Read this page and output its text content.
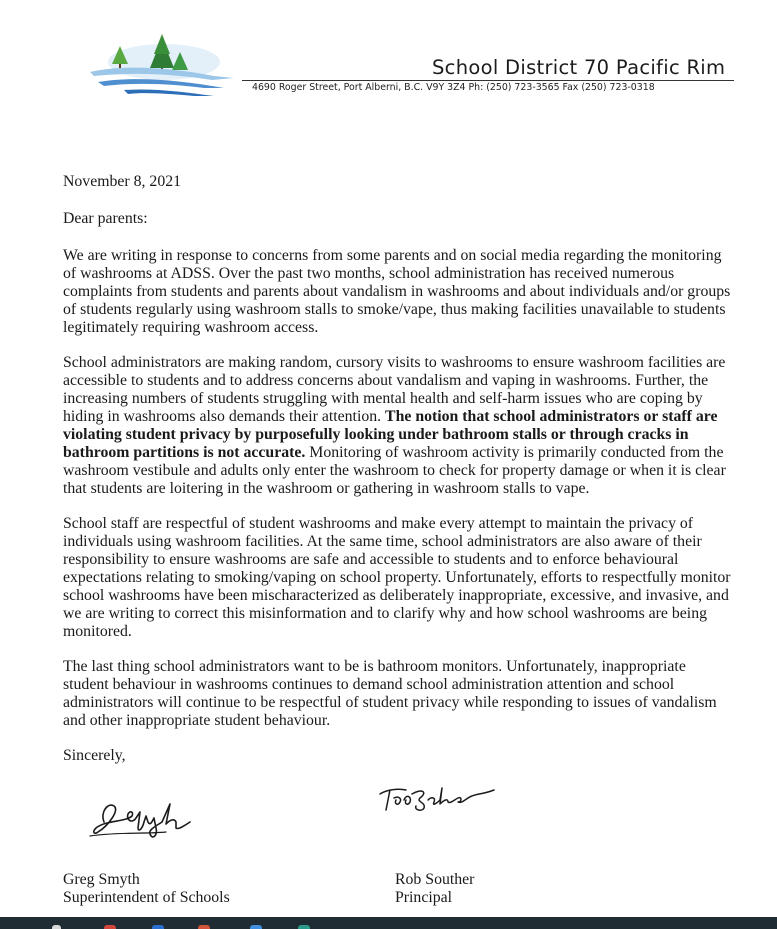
School District 70 Pacific Rim
4690 Roger Street, Port Alberni, B.C. V9Y 3Z4 Ph: (250) 723-3565 Fax (250) 723-0318

November 8, 2021

Dear parents:

We are writing in response to concerns from some parents and on social media regarding the monitoring of washrooms at ADSS. Over the past two months, school administration has received numerous complaints from students and parents about vandalism in washrooms and about individuals and/or groups of students regularly using washroom stalls to smoke/vape, thus making facilities unavailable to students legitimately requiring washroom access.

School administrators are making random, cursory visits to washrooms to ensure washroom facilities are accessible to students and to address concerns about vandalism and vaping in washrooms. Further, the increasing numbers of students struggling with mental health and self-harm issues who are coping by hiding in washrooms also demands their attention. The notion that school administrators or staff are violating student privacy by purposefully looking under bathroom stalls or through cracks in bathroom partitions is not accurate. Monitoring of washroom activity is primarily conducted from the washroom vestibule and adults only enter the washroom to check for property damage or when it is clear that students are loitering in the washroom or gathering in washroom stalls to vape.

School staff are respectful of student washrooms and make every attempt to maintain the privacy of individuals using washroom facilities. At the same time, school administrators are also aware of their responsibility to ensure washrooms are safe and accessible to students and to enforce behavioural expectations relating to smoking/vaping on school property. Unfortunately, efforts to respectfully monitor school washrooms have been mischaracterized as deliberately inappropriate, excessive, and invasive, and we are writing to correct this misinformation and to clarify why and how school washrooms are being monitored.

The last thing school administrators want to be is bathroom monitors. Unfortunately, inappropriate student behaviour in washrooms continues to demand school administration attention and school administrators will continue to be respectful of student privacy while responding to issues of vandalism and other inappropriate student behaviour.

Sincerely,

Greg Smyth
Superintendent of Schools
Rob Souther
Principal
